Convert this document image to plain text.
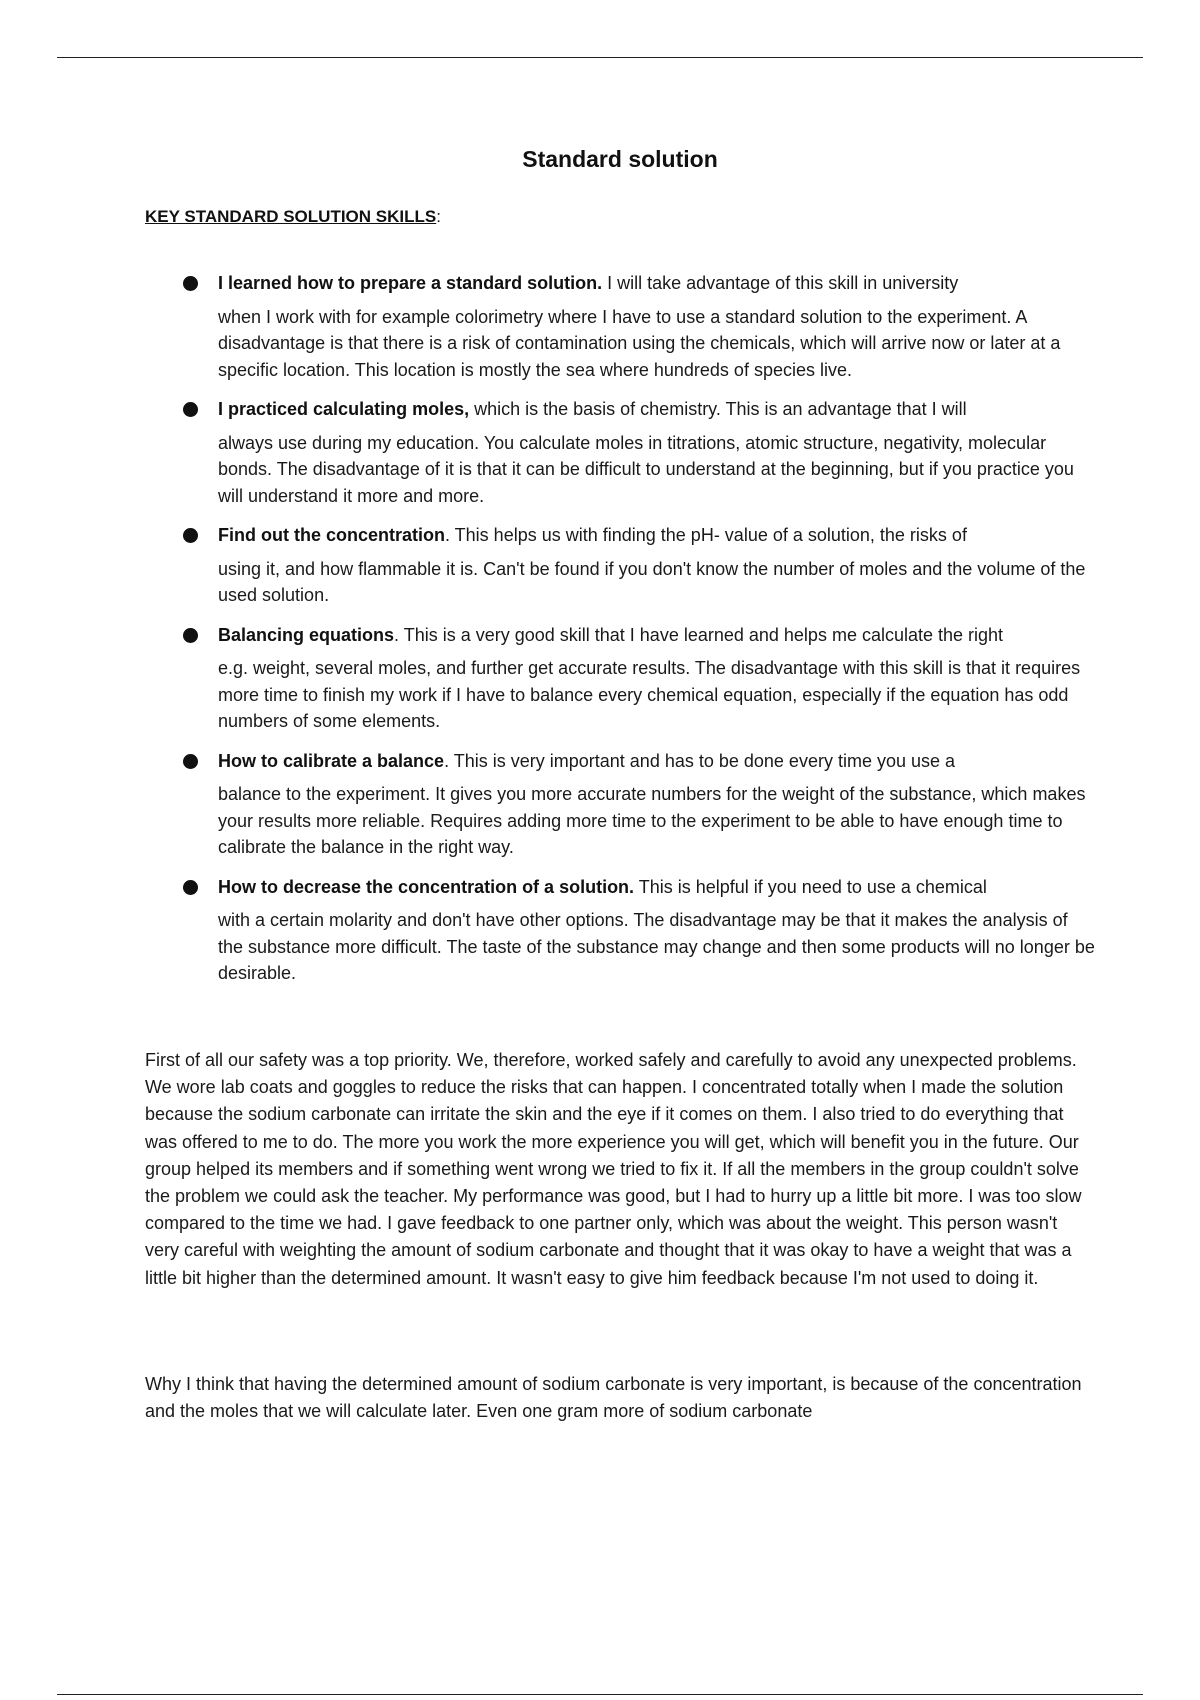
Standard solution
KEY STANDARD SOLUTION SKILLS:
I learned how to prepare a standard solution. I will take advantage of this skill in university
when I work with for example colorimetry where I have to use a standard solution to the experiment. A disadvantage is that there is a risk of contamination using the chemicals, which will arrive now or later at a specific location. This location is mostly the sea where hundreds of species live.
I practiced calculating moles, which is the basis of chemistry. This is an advantage that I will
always use during my education. You calculate moles in titrations, atomic structure, negativity, molecular bonds. The disadvantage of it is that it can be difficult to understand at the beginning, but if you practice you will understand it more and more.
Find out the concentration. This helps us with finding the pH- value of a solution, the risks of
using it, and how flammable it is. Can't be found if you don't know the number of moles and the volume of the used solution.
Balancing equations. This is a very good skill that I have learned and helps me calculate the right
e.g. weight, several moles, and further get accurate results. The disadvantage with this skill is that it requires more time to finish my work if I have to balance every chemical equation, especially if the equation has odd numbers of some elements.
How to calibrate a balance. This is very important and has to be done every time you use a
balance to the experiment. It gives you more accurate numbers for the weight of the substance, which makes your results more reliable. Requires adding more time to the experiment to be able to have enough time to calibrate the balance in the right way.
How to decrease the concentration of a solution. This is helpful if you need to use a chemical
with a certain molarity and don't have other options. The disadvantage may be that it makes the analysis of the substance more difficult. The taste of the substance may change and then some products will no longer be desirable.

First of all our safety was a top priority. We, therefore, worked safely and carefully to avoid any unexpected problems. We wore lab coats and goggles to reduce the risks that can happen. I concentrated totally when I made the solution because the sodium carbonate can irritate the skin and the eye if it comes on them. I also tried to do everything that was offered to me to do. The more you work the more experience you will get, which will benefit you in the future. Our group helped its members and if something went wrong we tried to fix it. If all the members in the group couldn't solve the problem we could ask the teacher. My performance was good, but I had to hurry up a little bit more. I was too slow compared to the time we had. I gave feedback to one partner only, which was about the weight. This person wasn't very careful with weighting the amount of sodium carbonate and thought that it was okay to have a weight that was a little bit higher than the determined amount. It wasn't easy to give him feedback because I'm not used to doing it.

Why I think that having the determined amount of sodium carbonate is very important, is because of the concentration and the moles that we will calculate later. Even one gram more of sodium carbonate
